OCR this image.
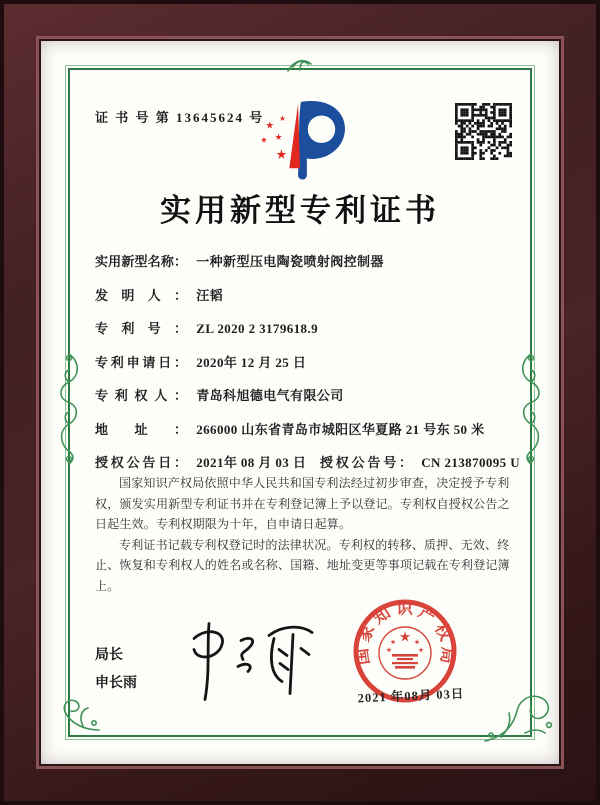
证 书 号 第 13645624 号
实用新型专利证书
实用新型名称： 一种新型压电陶瓷喷射阀控制器
发明人： 汪韬
专利号： ZL 2020 2 3179618.9
专利申请日： 2020年 12 月 25 日
专利权人： 青岛科旭德电气有限公司
地址： 266000 山东省青岛市城阳区华夏路 21 号东 50 米
授权公告日： 2021年 08 月 03 日 授权公告号： CN 213870095 U

国家知识产权局依照中华人民共和国专利法经过初步审查，决定授予专利权，颁发实用新型专利证书并在专利登记簿上予以登记。专利权自授权公告之日起生效。专利权期限为十年，自申请日起算。

专利证书记载专利权登记时的法律状况。专利权的转移、质押、无效、终止、恢复和专利权人的姓名或名称、国籍、地址变更等事项记载在专利登记簿上。

局长
申长雨
国家知识产权局
2021 年08月 03日
